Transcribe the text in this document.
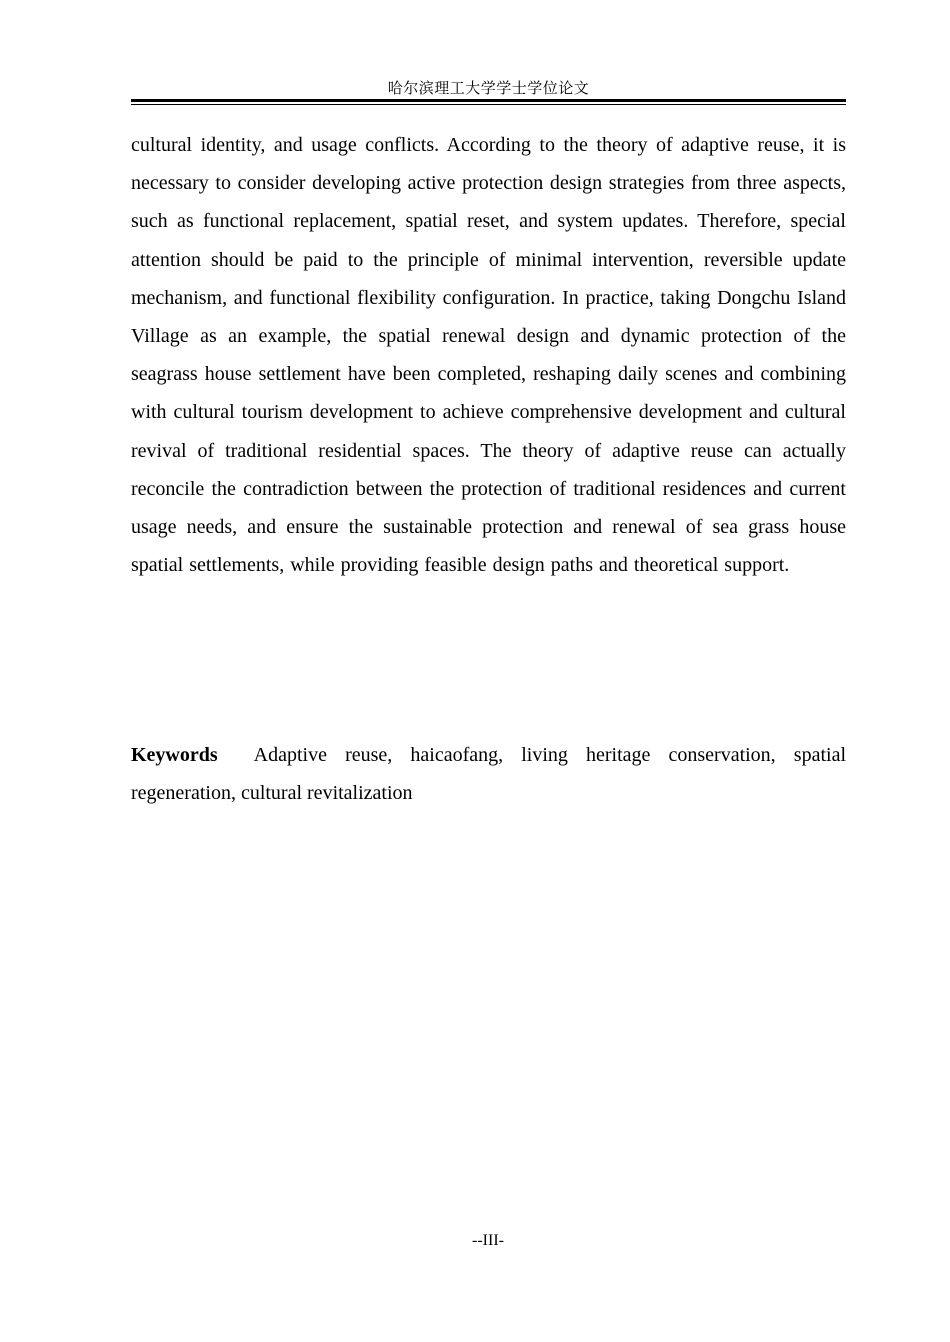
哈尔滨理工大学学士学位论文

cultural identity, and usage conflicts. According to the theory of adaptive reuse, it is necessary to consider developing active protection design strategies from three aspects, such as functional replacement, spatial reset, and system updates. Therefore, special attention should be paid to the principle of minimal intervention, reversible update mechanism, and functional flexibility configuration. In practice, taking Dongchu Island Village as an example, the spatial renewal design and dynamic protection of the seagrass house settlement have been completed, reshaping daily scenes and combining with cultural tourism development to achieve comprehensive development and cultural revival of traditional residential spaces. The theory of adaptive reuse can actually reconcile the contradiction between the protection of traditional residences and current usage needs, and ensure the sustainable protection and renewal of sea grass house spatial settlements, while providing feasible design paths and theoretical support.

Keywords Adaptive reuse, haicaofang, living heritage conservation, spatial regeneration, cultural revitalization

--III-
